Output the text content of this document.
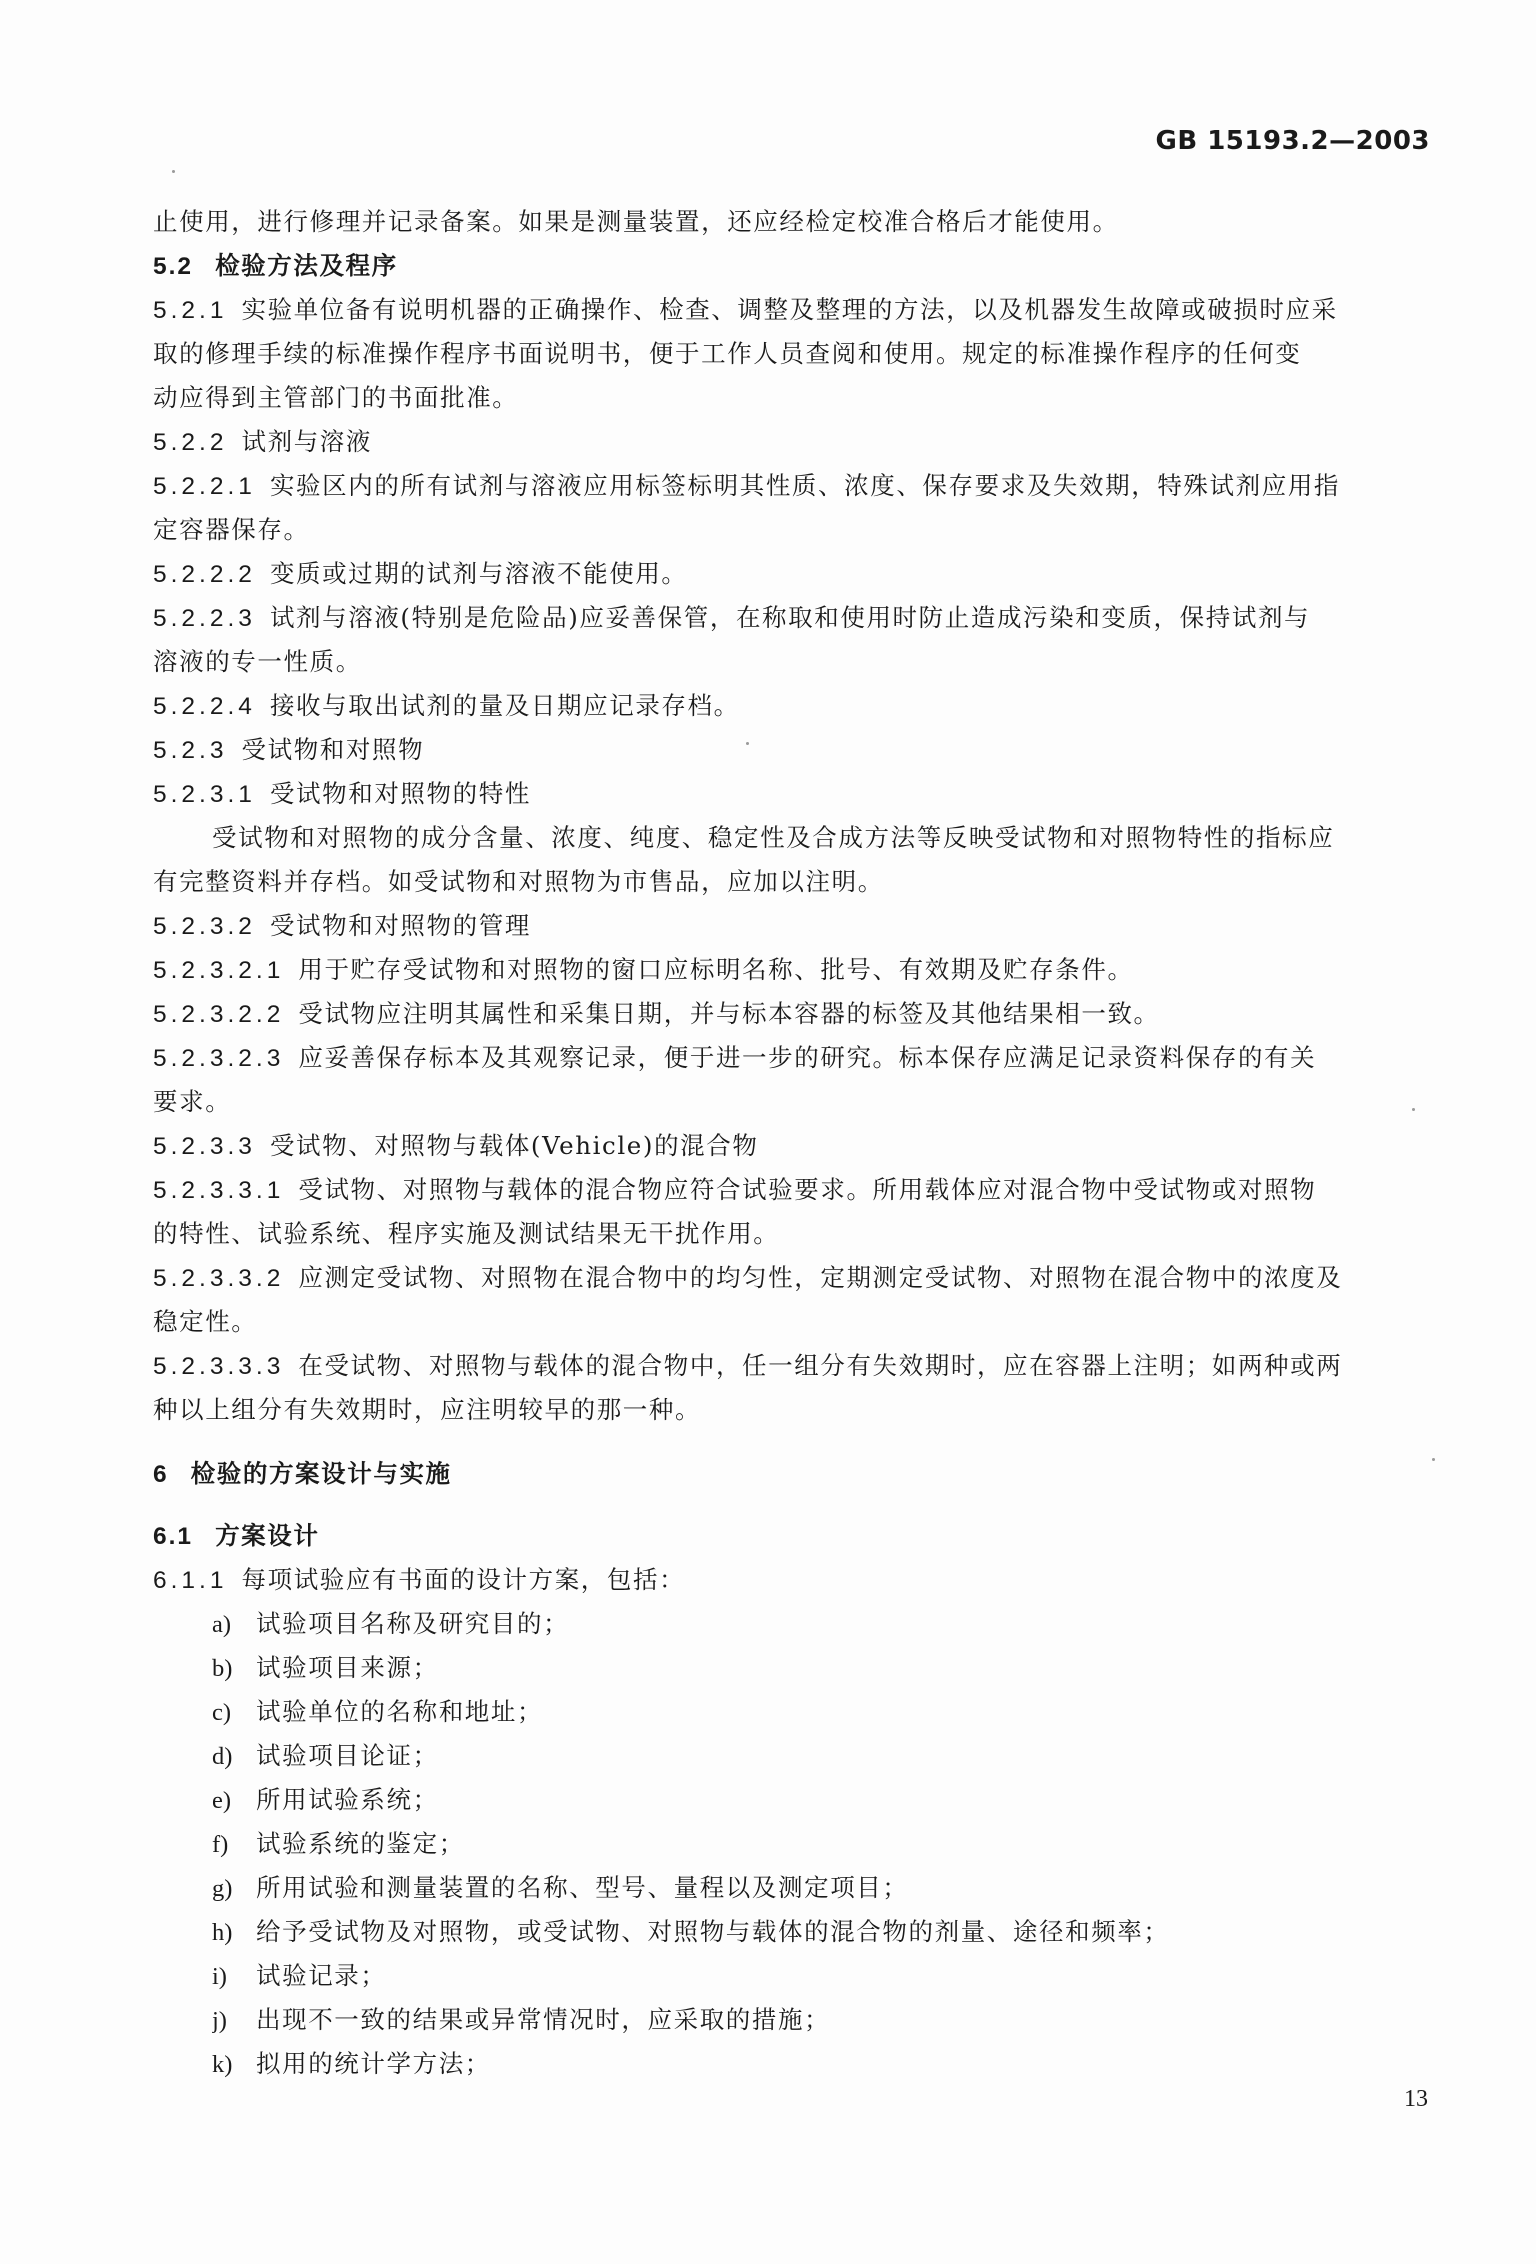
GB 15193.2—2003
止使用，进行修理并记录备案。如果是测量装置，还应经检定校准合格后才能使用。
5.2 检验方法及程序
5.2.1 实验单位备有说明机器的正确操作、检查、调整及整理的方法，以及机器发生故障或破损时应采
取的修理手续的标准操作程序书面说明书，便于工作人员查阅和使用。规定的标准操作程序的任何变
动应得到主管部门的书面批准。
5.2.2 试剂与溶液
5.2.2.1 实验区内的所有试剂与溶液应用标签标明其性质、浓度、保存要求及失效期，特殊试剂应用指
定容器保存。
5.2.2.2 变质或过期的试剂与溶液不能使用。
5.2.2.3 试剂与溶液(特别是危险品)应妥善保管，在称取和使用时防止造成污染和变质，保持试剂与
溶液的专一性质。
5.2.2.4 接收与取出试剂的量及日期应记录存档。
5.2.3 受试物和对照物
5.2.3.1 受试物和对照物的特性
受试物和对照物的成分含量、浓度、纯度、稳定性及合成方法等反映受试物和对照物特性的指标应
有完整资料并存档。如受试物和对照物为市售品，应加以注明。
5.2.3.2 受试物和对照物的管理
5.2.3.2.1 用于贮存受试物和对照物的窗口应标明名称、批号、有效期及贮存条件。
5.2.3.2.2 受试物应注明其属性和采集日期，并与标本容器的标签及其他结果相一致。
5.2.3.2.3 应妥善保存标本及其观察记录，便于进一步的研究。标本保存应满足记录资料保存的有关
要求。
5.2.3.3 受试物、对照物与载体(Vehicle)的混合物
5.2.3.3.1 受试物、对照物与载体的混合物应符合试验要求。所用载体应对混合物中受试物或对照物
的特性、试验系统、程序实施及测试结果无干扰作用。
5.2.3.3.2 应测定受试物、对照物在混合物中的均匀性，定期测定受试物、对照物在混合物中的浓度及
稳定性。
5.2.3.3.3 在受试物、对照物与载体的混合物中，任一组分有失效期时，应在容器上注明；如两种或两
种以上组分有失效期时，应注明较早的那一种。
6 检验的方案设计与实施
6.1 方案设计
6.1.1 每项试验应有书面的设计方案，包括：
a) 试验项目名称及研究目的；
b) 试验项目来源；
c) 试验单位的名称和地址；
d) 试验项目论证；
e) 所用试验系统；
f) 试验系统的鉴定；
g) 所用试验和测量装置的名称、型号、量程以及测定项目；
h) 给予受试物及对照物，或受试物、对照物与载体的混合物的剂量、途径和频率；
i) 试验记录；
j) 出现不一致的结果或异常情况时，应采取的措施；
k) 拟用的统计学方法；
13
